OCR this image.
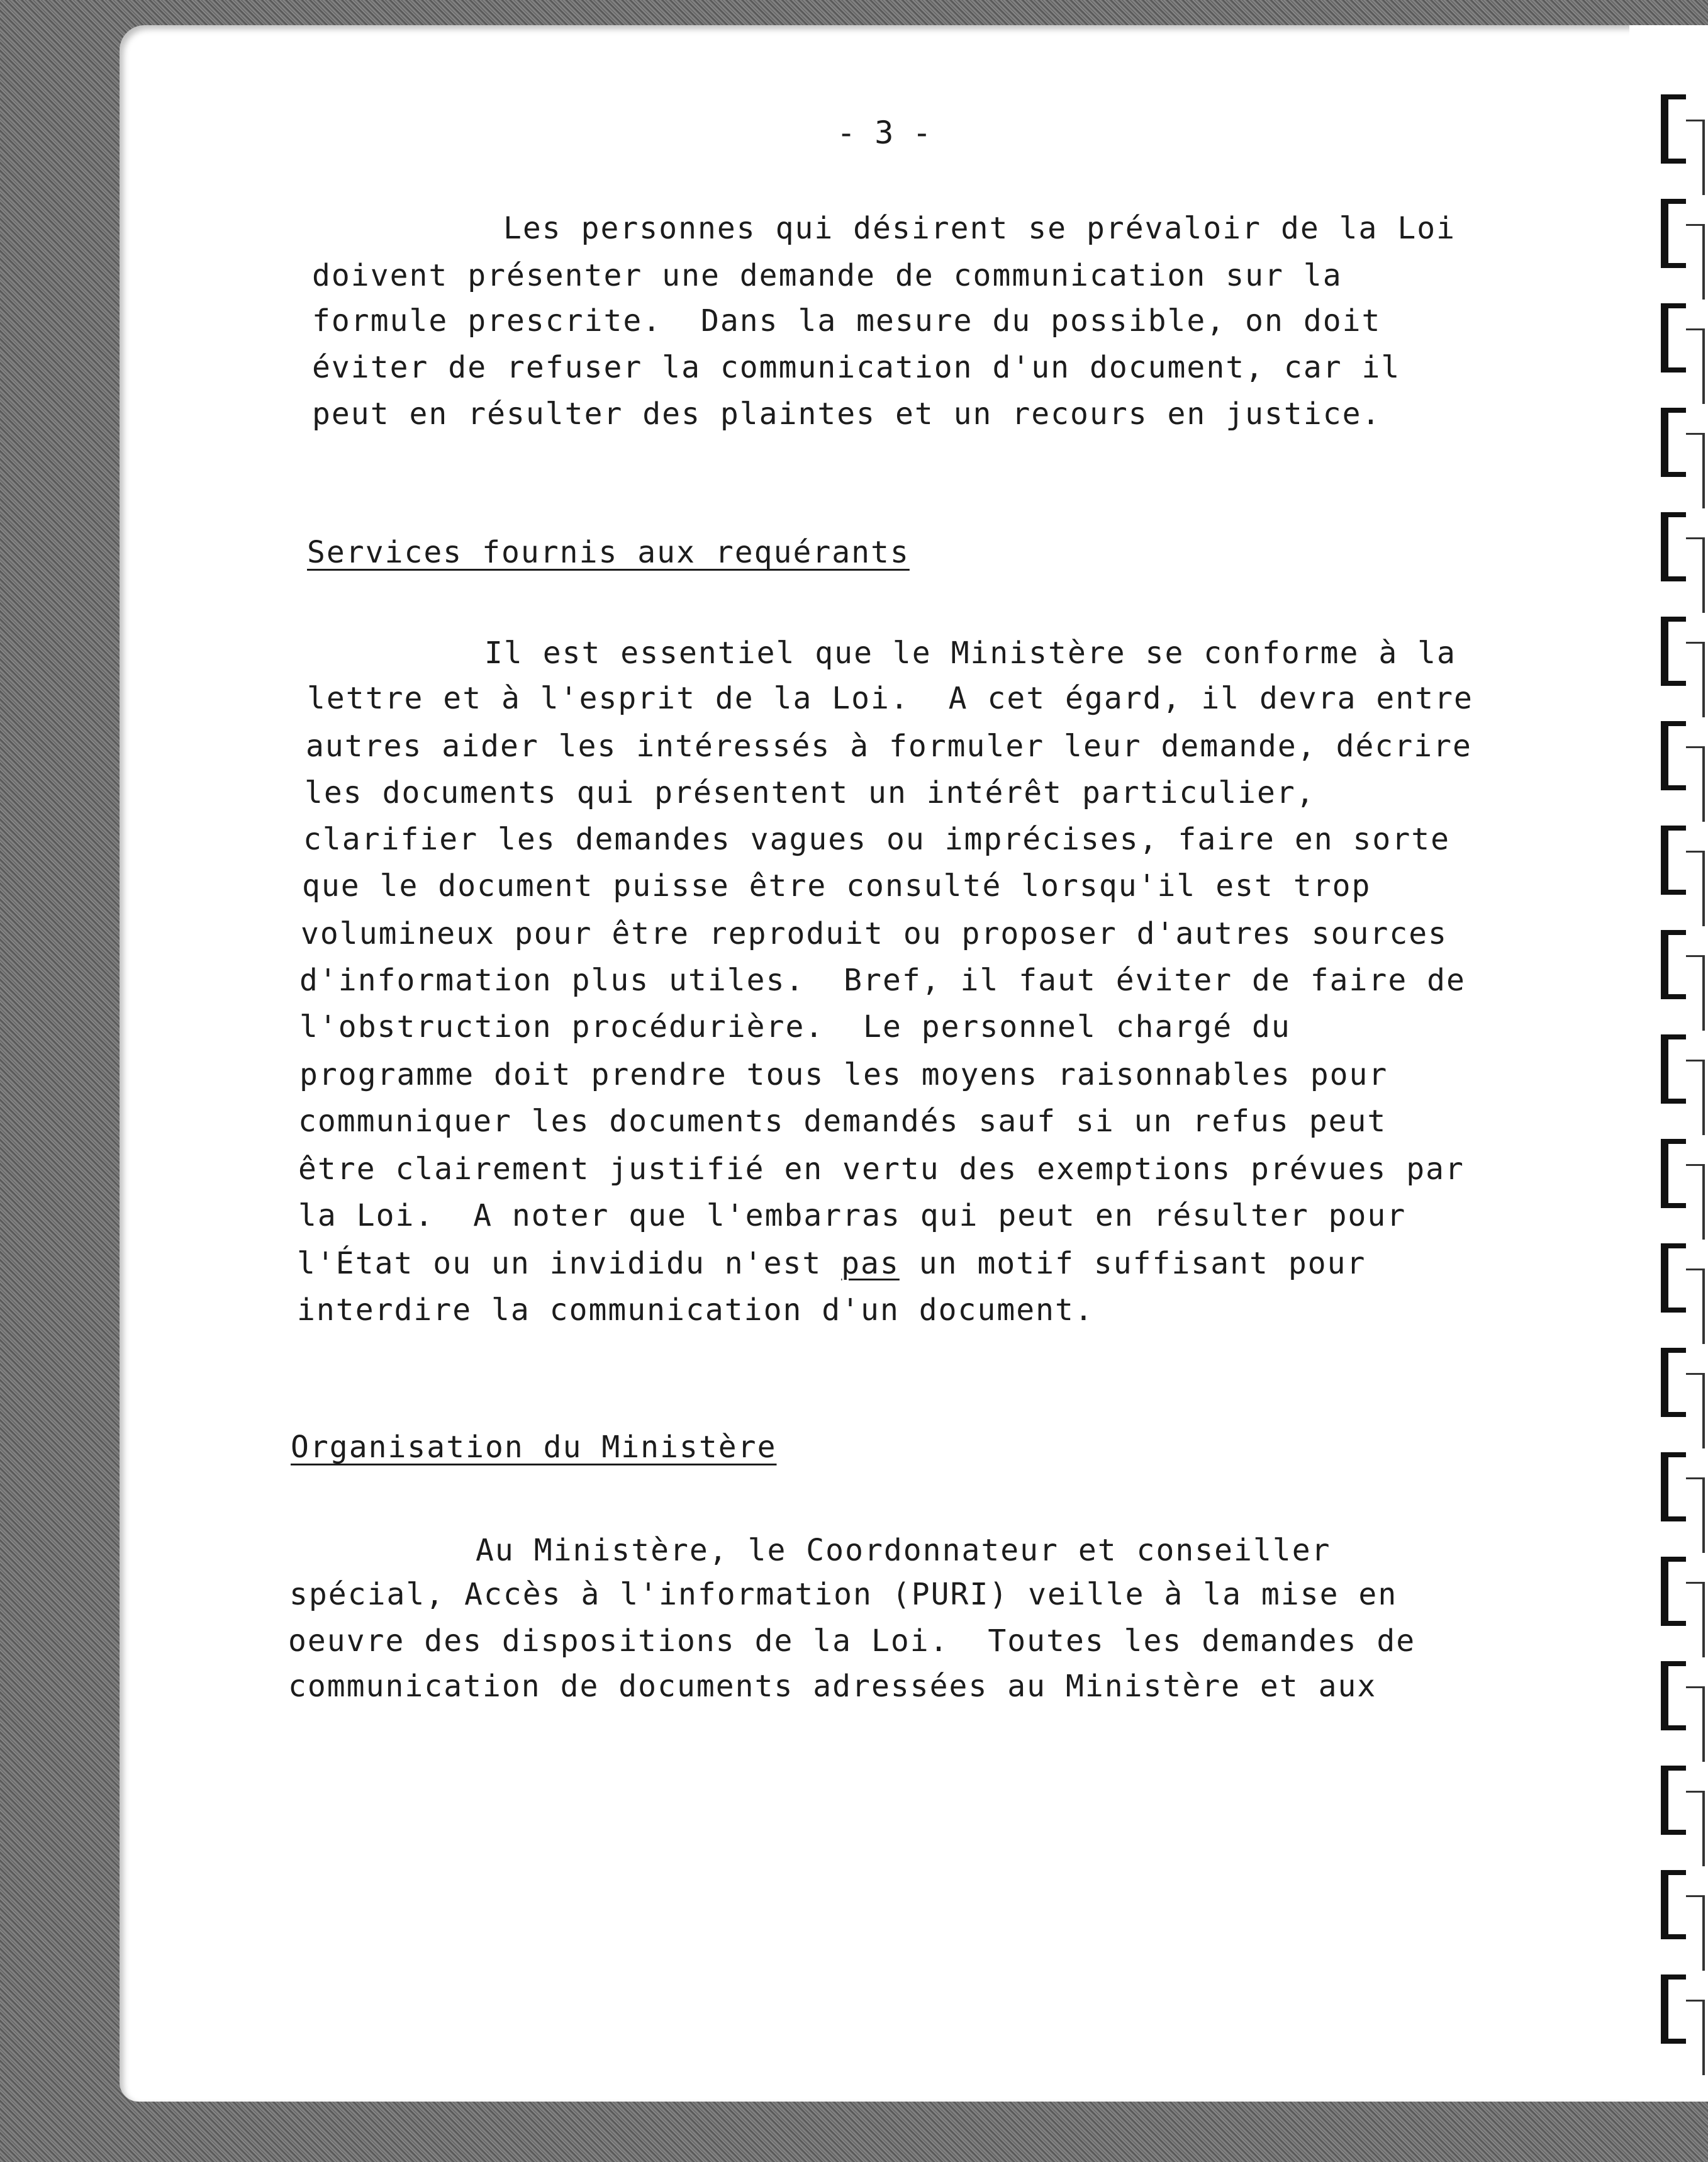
- 3 -
Les personnes qui désirent se prévaloir de la Loi
doivent présenter une demande de communication sur la
formule prescrite.  Dans la mesure du possible, on doit
éviter de refuser la communication d'un document, car il
peut en résulter des plaintes et un recours en justice.
Services fournis aux requérants
Il est essentiel que le Ministère se conforme à la
lettre et à l'esprit de la Loi.  A cet égard, il devra entre
autres aider les intéressés à formuler leur demande, décrire
les documents qui présentent un intérêt particulier,
clarifier les demandes vagues ou imprécises, faire en sorte
que le document puisse être consulté lorsqu'il est trop
volumineux pour être reproduit ou proposer d'autres sources
d'information plus utiles.  Bref, il faut éviter de faire de
l'obstruction procédurière.  Le personnel chargé du
programme doit prendre tous les moyens raisonnables pour
communiquer les documents demandés sauf si un refus peut
être clairement justifié en vertu des exemptions prévues par
la Loi.  A noter que l'embarras qui peut en résulter pour
l'État ou un invididu n'est pas un motif suffisant pour
interdire la communication d'un document.
Organisation du Ministère
Au Ministère, le Coordonnateur et conseiller
spécial, Accès à l'information (PURI) veille à la mise en
oeuvre des dispositions de la Loi.  Toutes les demandes de
communication de documents adressées au Ministère et aux
